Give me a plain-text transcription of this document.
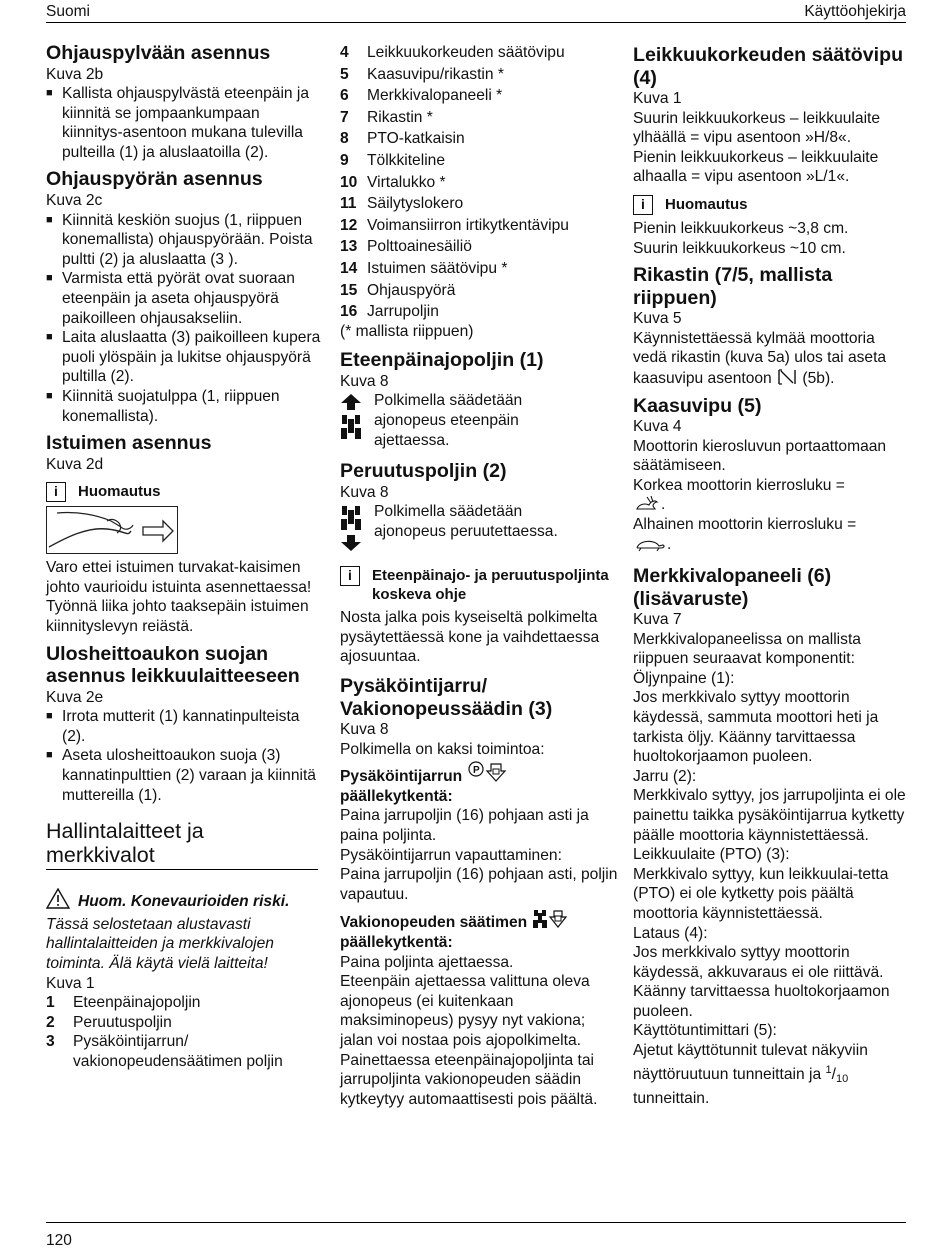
Suomi	Käyttöohjekirja
Ohjauspylvään asennus

Kuva 2b

■ Kallista ohjauspylvästä eteenpäin ja kiinnitä se jompaankumpaan kiinnitys-asentoon mukana tulevilla pulteilla (1) ja aluslaatoilla (2).
Ohjauspyörän asennus

Kuva 2c

■ Kiinnitä keskiön suojus (1, riippuen konemallista) ohjauspyörään. Poista pultti (2) ja aluslaatta (3 ).
■ Varmista että pyörät ovat suoraan eteenpäin ja aseta ohjauspyörä paikoilleen ohjausakseliin.
■ Laita aluslaatta (3) paikoilleen kupera puoli ylöspäin ja lukitse ohjauspyörä pultilla (2).
■ Kiinnitä suojatulppa (1, riippuen konemallista).
Istuimen asennus

Kuva 2d

i	Huomautus

Varo ettei istuimen turvakat-kaisimen johto vaurioidu istuinta asennettaessa! Työnnä liika johto taaksepäin istuimen kiinnityslevyn reiästä.

Ulosheittoaukon suojan asennus leikkuulaitteeseen

Kuva 2e

■ Irrota mutterit (1) kannatinpulteista (2).
■ Aseta ulosheittoaukon suoja (3) kannatinpulttien (2) varaan ja kiinnitä muttereilla (1).
Hallintalaitteet ja merkkivalot
Huom. Konevaurioiden riski.

Tässä selostetaan alustavasti hallintalaitteiden ja merkkivalojen toiminta. Älä käytä vielä laitteita!

Kuva 1

1	Eteenpäinajopoljin
2	Peruutuspoljin
3	Pysäköintijarrun/ vakionopeudensäätimen poljin
4	Leikkuukorkeuden säätövipu
5	Kaasuvipu/rikastin *
6	Merkkivalopaneeli *
7	Rikastin *
8	PTO-katkaisin
9	Tölkkiteline
10 Virtalukko *
11 Säilytyslokero
12 Voimansiirron irtikytkentävipu
13 Polttoainesäiliö
14 Istuimen säätövipu *
15 Ohjauspyörä
16 Jarrupoljin

(* mallista riippuen)

Eteenpäinajopoljin (1)

Kuva 8

Polkimella säädetään ajonopeus eteenpäin ajettaessa.

Peruutuspoljin (2)

Kuva 8

Polkimella säädetään ajonopeus peruutettaessa.

i	Eteenpäinajo- ja peruutuspoljinta koskeva ohje

Nosta jalka pois kyseiseltä polkimelta pysäytettäessä kone ja vaihdettaessa ajosuuntaa.

Pysäköintijarru/ Vakionopeussäädin (3)

Kuva 8

Polkimella on kaksi toimintoa:

Pysäköintijarrun P

päällekytkentä:

Paina jarrupoljin (16) pohjaan asti ja paina poljinta.

Pysäköintijarrun vapauttaminen:

Paina jarrupoljin (16) pohjaan asti, poljin vapautuu.

Vakionopeuden säätimen

päällekytkentä:

Paina poljinta ajettaessa.

Eteenpäin ajettaessa valittuna oleva ajonopeus (ei kuitenkaan maksiminopeus) pysyy nyt vakiona; jalan voi nostaa pois ajopolkimelta.

Painettaessa eteenpäinajopoljinta tai jarrupoljinta vakionopeuden säädin kytkeytyy automaattisesti pois päältä.

Leikkuukorkeuden säätövipu (4)

Kuva 1

Suurin leikkuukorkeus – leikkuulaite ylhäällä = vipu asentoon »H/8«.

Pienin leikkuukorkeus – leikkuulaite alhaalla = vipu asentoon »L/1«.

i	Huomautus

Pienin leikkuukorkeus ~3,8 cm.

Suurin leikkuukorkeus ~10 cm.

Rikastin (7/5, mallista riippuen)

Kuva 5

Käynnistettäessä kylmää moottoria vedä rikastin (kuva 5a) ulos tai aseta kaasuvipu asentoon (5b).

Kaasuvipu (5)

Kuva 4

Moottorin kierosluvun portaattomaan säätämiseen.

Korkea moottorin kierrosluku =

.

Alhainen moottorin kierrosluku =

.

Merkkivalopaneeli (6) (lisävaruste)

Kuva 7

Merkkivalopaneelissa on mallista riippuen seuraavat komponentit:

Öljynpaine (1):

Jos merkkivalo syttyy moottorin käydessä, sammuta moottori heti ja tarkista öljy. Käänny tarvittaessa huoltokorjaamon puoleen.

Jarru (2):

Merkkivalo syttyy, jos jarrupoljinta ei ole painettu taikka pysäköintijarrua kytketty päälle moottoria käynnistettäessä.

Leikkuulaite (PTO) (3):

Merkkivalo syttyy, kun leikkuulai-tetta (PTO) ei ole kytketty pois päältä moottoria käynnistettäessä.

Lataus (4):

Jos merkkivalo syttyy moottorin käydessä, akkuvaraus ei ole riittävä. Käänny tarvittaessa huoltokorjaamon puoleen.

Käyttötuntimittari (5):

Ajetut käyttötunnit tulevat näkyviin näyttöruutuun tunneittain ja $^1/_{10}$ tunneittain.

120
